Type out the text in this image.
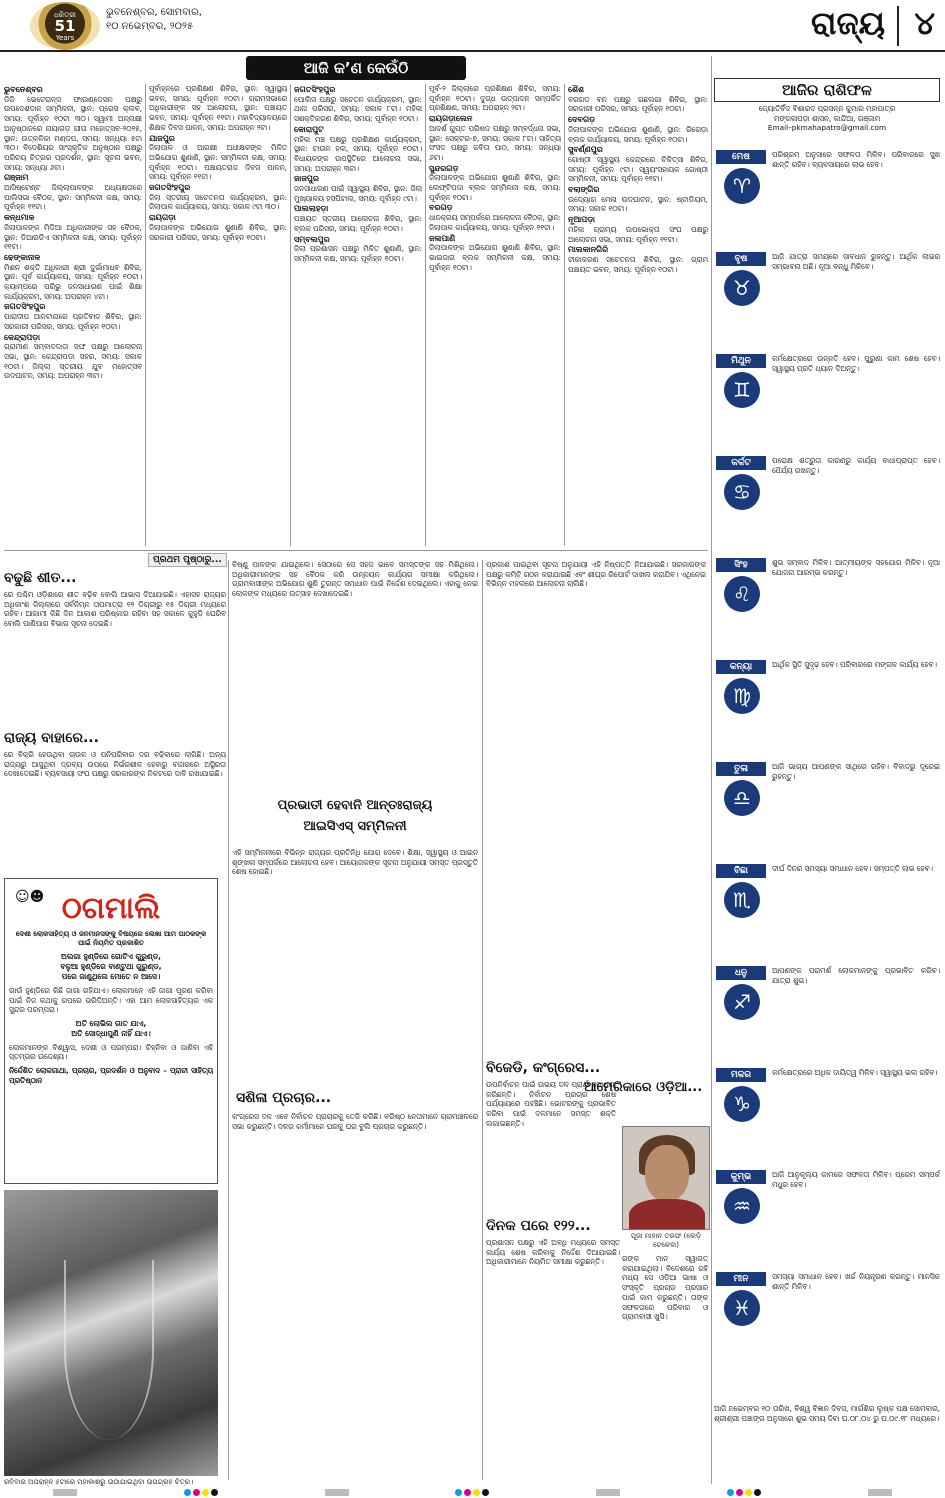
ଧରିତ୍ରୀ
51
Years
ଭୁବନେଶ୍ବର, ସୋମବାର,
୧୦ ନଭେମ୍ବର, ୨୦୨୫	ରାଜ୍ୟ ୪
ଆଜି କ’ଣ କେଉଁଠି
ଭୁବନେଶ୍ବର

ଡିଜି ଭେଟେରାନ୍ସ ଫାଉଣ୍ଡେସନ ପକ୍ଷରୁ ଉପଦେଶଦାନ ସମ୍ମିଳନୀ, ସ୍ଥାନ: ପ୍ରେସ କ୍ଲବ, ସମୟ: ପୂର୍ବାହ୍ନ ୧୦ଟା ୩୦। ସ୍ୱାମୀ ଅନ୍ନାକ୍ଷୀ ଆନୁଷ୍ଠାନରେ ନାୟାଗଡ଼ ଗୀତା ମହୋତ୍ସବ-୨୦୨୫, ସ୍ଥାନ: ଉତ୍କଳିକା ମଣ୍ଡପ, ସମୟ: ସନ୍ଧ୍ୟା ୫ଟା ୩୦। ବିଦେଶିୟର ସାଂସ୍କୃତିକ ଅନୁଷ୍ଠାନ ପକ୍ଷରୁ ପରିଚୟ ଚିତ୍ରର ପ୍ରଦର୍ଶନ, ସ୍ଥାନ: ସୂଚନା ଭବନ, ସମୟ: ସନ୍ଧ୍ୟା ୬ଟା।

ଗଞ୍ଜାମ

ଆସିଷ୍ଟେଣ୍ଟ ଜିଲ୍ଲାପାଳଙ୍କ ଅଧ୍ୟକ୍ଷତାରେ ପାଲିସଭା ବୈଠକ, ସ୍ଥାନ: ସମ୍ମିଳନୀ କକ୍ଷ, ସମୟ: ପୂର୍ବାହ୍ନ ୧୧ଟା।

କନ୍ଧମାଳ

ଜିଲାପାଳଙ୍କ ମିଡିଆ ଅଧିକାରୀଙ୍କ ସହ ବୈଠକ, ସ୍ଥାନ: ଡିଆରଡିଏ ସମ୍ମିଳନୀ କକ୍ଷ, ସମୟ: ପୂର୍ବାହ୍ନ ୧୧ଟା।

ଢେଙ୍କାନାଳ

ମିଶନ ଶକ୍ତି ଅଧିକାରୀ ଶ୍ରୀ ଦୁର୍ଗାମାଧବ ଶିବିର, ସ୍ଥାନ: ପୂର୍ବ କାର୍ଯ୍ୟାଳୟ, ସମୟ: ପୂର୍ବାହ୍ନ ୧୦ଟା। କ୍ୟାମ୍ପରେ ପରିଭୁ ଜନସାଧାରଣ ପାଇଁ ଶିକ୍ଷା କାର୍ଯ୍ୟକ୍ରମ, ସମୟ: ଅପରାହ୍ନ ୪ଟା।

ଜଗତସିଂହପୁର

ପାରାଦୀପ ଆନଟାନାରେ ପ୍ରତିବାଦ ଶିବିର, ସ୍ଥାନ: ସରକାରୀ ପରିସର, ସମୟ: ପୂର୍ବାହ୍ନ ୧୦ଟା।

କେନ୍ଦ୍ରାପଡ଼ା

ଗ୍ରାମୀଣ ସମ୍ବାଦଦାତା ସଙ୍ଘ ପକ୍ଷରୁ ଆଲୋଚନା ସଭା, ସ୍ଥାନ: କେନ୍ଦ୍ରାପଡ଼ା ସହର, ସମୟ: ସକାଳ ୧୦ଟା। ଜିଲ୍ଲା ସ୍ତରୀୟ ଯୁବ ମହୋତ୍ସବ ଉଦଘାଟନ, ସମୟ: ଅପରାହ୍ନ ୩ଟା।

ପୂର୍ବାହ୍ନରେ ପ୍ରଶିକ୍ଷଣ ଶିବିର, ସ୍ଥାନ: ସ୍ୱାସ୍ଥ୍ୟ ଭବନ, ସମୟ: ପୂର୍ବାହ୍ନ ୧୦ଟା। ଗ୍ରାମସଭାରେ ଅଧିକାରୀଙ୍କ ସହ ଆଲୋଚନା, ସ୍ଥାନ: ପଞ୍ଚାୟତ ଭବନ, ସମୟ: ପୂର୍ବାହ୍ନ ୧୧ଟା। ମହାବିଦ୍ୟାଳୟରେ ଶିକ୍ଷକ ଦିବସ ପାଳନ, ସମୟ: ଅପରାହ୍ନ ୨ଟା।

ଯାଜପୁର

ଜିଲାପାଳ ଓ ଆରକ୍ଷୀ ଅଧୀକ୍ଷକଙ୍କ ମିଳିତ ଅଭିଯୋଗ ଶୁଣାଣି, ସ୍ଥାନ: ସମ୍ମିଳନୀ କକ୍ଷ, ସମୟ: ପୂର୍ବାହ୍ନ ୧୦ଟା। ପଞ୍ଚାୟତରାଜ ଦିବସ ପାଳନ, ସମୟ: ପୂର୍ବାହ୍ନ ୧୧ଟା।

ଜଗତସିଂହପୁର

ଜିଲା ସ୍ତରୀୟ ସଚେତନତା କାର୍ଯ୍ୟକ୍ରମ, ସ୍ଥାନ: ଜିଲାପାଳ କାର୍ଯ୍ୟାଳୟ, ସମୟ: ସକାଳ ୯ଟା ୩୦।

ରାୟଗଡ଼ା

ଜିଲାପାଳଙ୍କ ଅଭିଯୋଗ ଶୁଣାଣି ଶିବିର, ସ୍ଥାନ: ସରକାରୀ ପରିସର, ସମୟ: ପୂର୍ବାହ୍ନ ୧୦ଟା।

ଜଗତସିଂହପୁର

ପୋଲିସ ପକ୍ଷରୁ ସଚେତନ କାର୍ଯ୍ୟକ୍ରମ, ସ୍ଥାନ: ଥାନା ପରିସର, ସମୟ: ସକାଳ ୮ଟା। ମହିଳା ସଶକ୍ତିକରଣ ଶିବିର, ସମୟ: ପୂର୍ବାହ୍ନ ୧୦ଟା।

କୋରାପୁଟ

ମହିଳା ମଞ୍ଚ ପକ୍ଷରୁ ପ୍ରଶିକ୍ଷଣ କାର୍ଯ୍ୟକ୍ରମ, ସ୍ଥାନ: ଟାଉନ ହଲ, ସମୟ: ପୂର୍ବାହ୍ନ ୧୦ଟା। ବିଧାୟକଙ୍କ ଉପସ୍ଥିତିରେ ଆଲୋଚନା ସଭା, ସମୟ: ଅପରାହ୍ନ ୩ଟା।

ଜାଜପୁର

ଜନସାଧାରଣ ପାଇଁ ସ୍ୱାସ୍ଥ୍ୟ ଶିବିର, ସ୍ଥାନ: ଜିଲା ମୁଖ୍ୟାଳୟ ହସପିଟାଲ, ସମୟ: ପୂର୍ବାହ୍ନ ୯ଟା।

ପାଲଲାହଡ଼ା

ପଞ୍ଚାୟତ ସ୍ତରୀୟ ଆଲୋଚନା ଶିବିର, ସ୍ଥାନ: ବ୍ଲକ ପରିସର, ସମୟ: ପୂର୍ବାହ୍ନ ୧୦ଟା।

ସମ୍ବଲପୁର

ଜିଲା ପ୍ରଶାସନ ପକ୍ଷରୁ ମିଳିତ ଶୁଣାଣି, ସ୍ଥାନ: ସମ୍ମିଳନୀ କକ୍ଷ, ସମୟ: ପୂର୍ବାହ୍ନ ୧୦ଟା।

ପୂର୍ବ-୨ ଜିଲ୍ଲାରେ ପ୍ରଶିକ୍ଷଣ ଶିବିର, ସମୟ: ପୂର୍ବାହ୍ନ ୧୦ଟା। ଦୁଗ୍ଧ ଉତ୍ପାଦନ ସମ୍ପର୍କିତ ପ୍ରଶିକ୍ଷଣ, ସମୟ: ଅପରାହ୍ନ ୨ଟା।

ରାୟଗଡ଼ାଲେନ

ଆଦର୍ଶ ଗୁପ୍ତ ପରିଷଦ ପକ୍ଷରୁ ସମ୍ବର୍ଦ୍ଧନା ସଭା, ସ୍ଥାନ: ସେକ୍ଟର-୭, ସମୟ: ସକାଳ ୮ଟା। ସାହିତ୍ୟ ସଂସଦ ପକ୍ଷରୁ କବିତା ପାଠ, ସମୟ: ସନ୍ଧ୍ୟା ୬ଟା।

ସୁନ୍ଦରଗଡ଼

ଜିଲାପାଳଙ୍କ ଅଭିଯୋଗ ଶୁଣାଣି ଶିବିର, ସ୍ଥାନ: ଲେଫ୍ଟିପଡା ବ୍ଲକ ସମ୍ମିଳନୀ କକ୍ଷ, ସମୟ: ପୂର୍ବାହ୍ନ ୧୦ଟା।

ବରଗଡ଼

ଧାନକ୍ରୟ ସମ୍ପର୍କରେ ଆଲୋଚନା ବୈଠକ, ସ୍ଥାନ: ଜିଲାପାଳ କାର୍ଯ୍ୟାଳୟ, ସମୟ: ପୂର୍ବାହ୍ନ ୧୧ଟା।

ଜଳାପାଣି

ଜିଲାପାଳଙ୍କ ଅଭିଯୋଗ ଶୁଣାଣି ଶିବିର, ସ୍ଥାନ: ଭାଇଜାଗ ବ୍ଲକ ସମ୍ମିଳନୀ କକ୍ଷ, ସମୟ: ପୂର୍ବାହ୍ନ ୧୦ଟା।

ଶୈଶ

ବରଗଡ ବନ ପକ୍ଷରୁ ଗଛଲଗା ଶିବିର, ସ୍ଥାନ: ସରକାରୀ ପରିସର, ସମୟ: ପୂର୍ବାହ୍ନ ୧୦ଟା।

ଦେବଗଡ଼

ଜିଲାପାଳଙ୍କ ଅଭିଯୋଗ ଶୁଣାଣି, ସ୍ଥାନ: ରିଗେଡ଼ା ବ୍ଲକ କାର୍ଯ୍ୟାଳୟ, ସମୟ: ପୂର୍ବାହ୍ନ ୧୦ଟା।

ସୁବର୍ଣ୍ଣପୁର

ଗୋଷ୍ଠୀ ସ୍ୱାସ୍ଥ୍ୟ କେନ୍ଦ୍ରରେ ଚିକିତ୍ସା ଶିବିର, ସମୟ: ପୂର୍ବାହ୍ନ ୯ଟା। ସ୍ୱୟଂସହାୟକ ଗୋଷ୍ଠୀ ସମ୍ମିଳନୀ, ସମୟ: ପୂର୍ବାହ୍ନ ୧୧ଟା।

ବଲାଙ୍ଗିର

ଉଦ୍ୟୋଗ ମେଳା ଉଦଘାଟନ, ସ୍ଥାନ: ଷ୍ଟାଡିୟମ, ସମୟ: ସକାଳ ୧୦ଟା।

ନୂଆପଡ଼ା

ମହିଳା ଗ୍ରାମ୍ୟ ଉପଭୋକ୍ତା ସଂଘ ପକ୍ଷରୁ ଆଲୋଚନା ସଭା, ସମୟ: ପୂର୍ବାହ୍ନ ୧୧ଟା।

ମାଲକାନଗିରି

ଟୀକାକରଣ ସଚେତନତା ଶିବିର, ସ୍ଥାନ: ଗ୍ରାମ ପଞ୍ଚାୟତ ଭବନ, ସମୟ: ପୂର୍ବାହ୍ନ ୧୦ଟା।

ପ୍ରଥମ ପୃଷ୍ଠାରୁ...
ବଢୁଛି ଶୀତ...

ରେ ପଶ୍ଚିମ ଓଡ଼ିଶାରେ ଶୀତ ବଢ଼ିବ ବୋଲି ଆଭାସ ଦିଆଯାଇଛି। ଏହାସହ ରାଜ୍ୟର ଅଧିକାଂଶ ଜିଲ୍ଲାରେ ସର୍ବନିମ୍ନ ତାପମାତ୍ରା ୧୨ ଡିଗ୍ରୀରୁ ୧୫ ଡିଗ୍ରୀ ମଧ୍ୟରେ ରହିବ। ଆଗାମୀ କିଛି ଦିନ ଆକାଶ ପରିଷ୍କାର ରହିବା ସହ ସକାଳେ କୁହୁଡ଼ି ଘେରିବ ବୋଲି ପାଣିପାଗ ବିଭାଗ ସୂଚନା ଦେଇଛି।

ରାଜ୍ୟ ବାହାରେ...

ରେ ବିକ୍ରି ହେଉଥିବା ଚାଉଳ ଓ ପନିପରିବାର ଦର ବଢ଼ିବାରେ ଲାଗିଛି। ଅନ୍ୟ ରାଜ୍ୟରୁ ଆସୁଥିବା ଦ୍ରବ୍ୟ ଉପରେ ନିର୍ଭରଶୀଳ ହେବାରୁ ବଜାରରେ ଅସ୍ଥିରତା ଦେଖାଦେଇଛି। ବ୍ୟବସାୟୀ ସଂଘ ପକ୍ଷରୁ ସରକାରଙ୍କ ନିକଟରେ ଦାବି ରଖାଯାଇଛି।

☺☻ ଠଗମାଲି
ଦେଶୀ ଲୋକସାହିତ୍ୟ ଓ ଜନମାନସଙ୍କୁ ବିଷୟରେ ଲେଖା ଆମ ପାଠକଙ୍କ ପାଇଁ ନିୟମିତ ପ୍ରକାଶିତ
ଅଲଗା ହୁଣ୍ଡିରେ ଗୋଟିଏ ଗୁରୁଣ୍ଡ,
ବଳୁଆ ହୁଣ୍ଡିରେ ବାଣ୍ଟୁଥା ଗୁରୁଣ୍ଡ,
ପରେ ଜାଣୁଥିଲେ ମୋତେ ନ ଆସେ।
ଗାଉଁ ହୁଣ୍ଡିରେ କିଛି ଜାଗା ରହିଯାଏ। ଲୋକମାନେ ଏହି ଜାଗା ପୂରଣ କରିବା ପାଇଁ ନିଜ କଥାକୁ ଗପରେ ଭରିଦିଅନ୍ତି। ଏହା ଆମ ଲୋକସାହିତ୍ୟର ଏକ ସୁନ୍ଦର ପରମ୍ପରା।
ଅତି ଲୋଭିଲ ଗାତ ଯାଏ,
ଅତି ସୋଦ୍ଧାପୁଣି ନାହିଁ ଯାଏ।
ଲୋକମାନଙ୍କ ବିଶ୍ୱାସ, ଦେଶୀ ଓ ପରମ୍ପରା। ଚିହ୍ନିବା ଓ ଜାଣିବା ଏହି ସ୍ତମ୍ଭର ଉଦ୍ଦେଶ୍ୟ।
ନିର୍ଦ୍ଦେଶିତ ଲୋକଗାଥା, ପ୍ରଚାର, ପ୍ରଦର୍ଶନ ଓ ଅନୁବାଦ – ପ୍ରାଚୀ ସାହିତ୍ୟ ପ୍ରତିଷ୍ଠାନ
ରବିବାର ଅପରାହ୍ନ ୫ଟାରେ ମହାକାଶରୁ ଉଠାଯାଇଥିବା ଉପଗ୍ରହ ଚିତ୍ର।

ବିଷ୍ଣୁ ପାଳଙ୍କ ଯାଇଥିଲେ। ସେଠାରେ ସେ ସହଜ ଭାବେ ସମସ୍ତଙ୍କ ସହ ମିଶିଥିଲେ। ଅଧିକାରୀମାନଙ୍କ ସହ ବୈଠକ କରି ଉନ୍ନୟନ କାର୍ଯ୍ୟର ସମୀକ୍ଷା କରିଥିଲେ। ଗ୍ରାମବାସୀଙ୍କ ଅଭିଯୋଗ ଶୁଣି ତୁରନ୍ତ ସମାଧାନ ପାଇଁ ନିର୍ଦ୍ଦେଶ ଦେଇଥିଲେ। ଏହାକୁ ନେଇ ଲୋକଙ୍କ ମଧ୍ୟରେ ଉତ୍ସାହ ଦେଖାଦେଇଛି।

ପ୍ରଭାତୀ ହେବାନି ଆନ୍ତଃରାଜ୍ୟ
ଆଇସିଏସ୍ ସମ୍ମିଳନୀ

ଏହି ସମ୍ମିଳନୀରେ ବିଭିନ୍ନ ରାଜ୍ୟର ପ୍ରତିନିଧି ଯୋଗ ଦେବେ। ଶିକ୍ଷା, ସ୍ୱାସ୍ଥ୍ୟ ଓ ଆଇନ ଶୃଙ୍ଖଳା ସମ୍ପର୍କରେ ଆଲୋଚନା ହେବ। ଆୟୋଜକଙ୍କ ସୂଚନା ଅନୁଯାୟୀ ସମସ୍ତ ପ୍ରସ୍ତୁତି ଶେଷ ହୋଇଛି।

ସଶିଳା ପ୍ରଚାର...

କଂଗ୍ରେସ ଦଳ ଏବେ ନିର୍ବାଚନ ପ୍ରଚାରକୁ ତେଜି କରିଛି। ବରିଷ୍ଠ ନେତାମାନେ ଗ୍ରାମାଞ୍ଚଳରେ ସଭା କରୁଛନ୍ତି। ଦଳର କର୍ମୀମାନେ ଘରକୁ ଘର ବୁଲି ପ୍ରଚାର କରୁଛନ୍ତି।

ପ୍ରକାଶ ପାଇଥିବା ସୂଚନା ଅନୁଯାୟୀ ଏହି ନିଷ୍ପତ୍ତି ନିଆଯାଇଛି। ସରକାରଙ୍କ ପକ୍ଷରୁ କମିଟି ଗଠନ କରାଯାଇଛି ଏବଂ ଶୀଘ୍ର ରିପୋର୍ଟ ଦାଖଲ କରାଯିବ। ଏଥିନେଇ ବିଭିନ୍ନ ମହଲରେ ଆଲୋଚନା ଚାଲିଛି।

ବିଜେଡି, କଂଗ୍ରେସ...

ଉପନିର୍ବାଚନ ପାଇଁ ଉଭୟ ଦଳ ପ୍ରାର୍ଥୀ ଘୋଷଣା କରିଛନ୍ତି। ନିର୍ବାଚନ ପ୍ରଚାର ଶେଷ ପର୍ଯ୍ୟାୟରେ ପହଞ୍ଚିଛି। ଭୋଟରଙ୍କୁ ପ୍ରଭାବିତ କରିବା ପାଇଁ ଦଳମାନେ ସମସ୍ତ ଶକ୍ତି ଲଗାଇଛନ୍ତି।

ଦିନକ ପରେ ୧୨୨...

ପ୍ରଶାସନ ପକ୍ଷରୁ ଏହି ଅବଧି ମଧ୍ୟରେ ସମସ୍ତ କାର୍ଯ୍ୟ ଶେଷ କରିବାକୁ ନିର୍ଦ୍ଦେଶ ଦିଆଯାଇଛି। ଅଧିକାରୀମାନେ ନିୟମିତ ସମୀକ୍ଷା କରୁଛନ୍ତି।

ଆମେରିକାରେ ଓଡ଼ିଆ...
ପୂଜା ମାହାନ ତରଫ (ଲେଡ଼ି ଟେକେଲ)

ରଙ୍କ ମାନ ସ୍ୱାଗତ୍ କରାଯାଇଥିଲା। ବିଦେଶରେ ରହି ମଧ୍ୟ ସେ ଓଡ଼ିଆ ଭାଷା ଓ ସଂସ୍କୃତି ପ୍ରଚାର ପ୍ରସାର ପାଇଁ କାମ କରୁଛନ୍ତି। ତାଙ୍କ ସଫଳତାରେ ପରିବାର ଓ ଗ୍ରାମବାସୀ ଖୁସି।

ଆଜିର ରାଶିଫଳ
ଜ୍ୟୋତିର୍ବିଦ ବିଶାରଦ ପ୍ରସନ୍ନ କୁମାର ମହାପାତ୍ର
ମଙ୍ଗଳାପଡ଼ା ଶାସନ, କାନ୍ଦିଆ, ଗଞ୍ଜାମ
Email–pkmahapatro@gmail.com
ମେଷ
♈
ପରିଶ୍ରମ ଅନୁସାରେ ସଫଳତା ମିଳିବ। ପରିବାରରେ ସୁଖ ଶାନ୍ତି ରହିବ। ବ୍ୟବସାୟରେ ଲାଭ ହେବ।
ବୃଷ
♉
ଆଜି ଯାତ୍ରା ସମୟରେ ସାବଧାନ ରୁହନ୍ତୁ। ଆର୍ଥିକ ଲାଭର ସମ୍ଭାବନା ଅଛି। ନୂଆ ବନ୍ଧୁ ମିଳିବେ।
ମିଥୁନ
♊
କର୍ମକ୍ଷେତ୍ରରେ ଉନ୍ନତି ହେବ। ପୁରୁଣା କାମ ଶେଷ ହେବ। ସ୍ୱାସ୍ଥ୍ୟ ପ୍ରତି ଧ୍ୟାନ ଦିଅନ୍ତୁ।
କର୍କଟ
♋
ପରୋକ୍ଷ ଶତ୍ରୁତା କାରଣରୁ କାର୍ଯ୍ୟ ବାଧାପ୍ରାପ୍ତ ହେବ। ଧୈର୍ଯ୍ୟ ରଖନ୍ତୁ।
ସିଂହ
♌
ଶୁଭ ସମ୍ବାଦ ମିଳିବ। ଆତ୍ମୀୟଙ୍କ ସହଯୋଗ ମିଳିବ। ନୂଆ ଯୋଜନା ଆରମ୍ଭ କରନ୍ତୁ।
କନ୍ୟା
♍
ଆର୍ଥିକ ସ୍ଥିତି ସୁଦୃଢ଼ ହେବ। ପରିବାରରେ ମଙ୍ଗଳ କାର୍ଯ୍ୟ ହେବ।
ତୁଳା
♎
ଆଜି ଭାଗ୍ୟ ଆପଣଙ୍କ ସାଥିରେ ରହିବ। ବିବାଦରୁ ଦୂରେଇ ରୁହନ୍ତୁ।
ବିଛା
♏
ଦୀର୍ଘ ଦିନର ସମସ୍ୟା ସମାଧାନ ହେବ। ସମ୍ପତ୍ତି ଲାଭ ହେବ।
ଧନୁ
♐
ଆପଣଙ୍କ ପରାମର୍ଶ ଲୋକମାନଙ୍କୁ ପ୍ରଭାବିତ କରିବ। ଯାତ୍ରା ଶୁଭ।
ମକର
♑
କର୍ମକ୍ଷେତ୍ରରେ ଅଧିକ ଦାୟିତ୍ୱ ମିଳିବ। ସ୍ୱାସ୍ଥ୍ୟ ଭଲ ରହିବ।
କୁମ୍ଭ
♒
ଆଜି ଆନୁକୂଲ୍ୟ କାମରେ ସଫଳତା ମିଳିବ। ପ୍ରେମ ସମ୍ପର୍କ ମଧୁର ହେବ।
ମୀନ
♓
ସମସ୍ୟା ସମାଧାନ ହେବ। ଖର୍ଚ୍ଚ ନିୟନ୍ତ୍ରଣ କରନ୍ତୁ। ମାନସିକ ଶାନ୍ତି ମିଳିବ।

ଆଜି ନଭେମ୍ବର ୧୦ ତାରିଖ, ବିଶ୍ୱ ବିଜ୍ଞାନ ଦିବସ, ମାର୍ଗଶିର ଲୁଷ୍କ ପକ୍ଷ ସୋମବାର, ଶ୍ରୀଶ୍ରୀ ପଞ୍ଚାଙ୍ଗ ଅନୁସାରେ ଶୁଭ ସମୟ ଦିବା ଘ.୦୮.୦୪ ରୁ ଘ.୦୯.୧୮ ମଧ୍ୟରେ।
